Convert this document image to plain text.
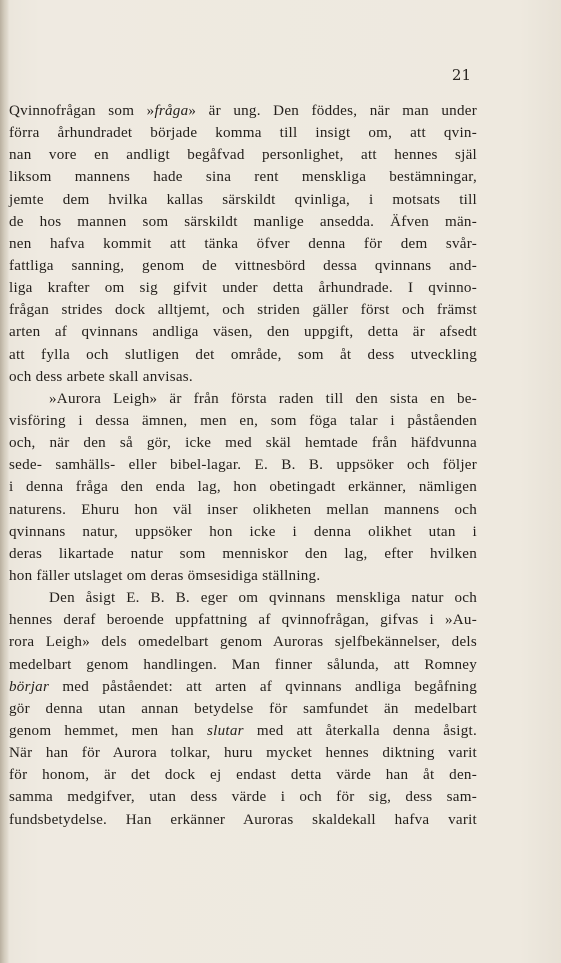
21
Qvinnofrågan som »fråga» är ung. Den föddes, när man under
förra århundradet började komma till insigt om, att qvin-
nan vore en andligt begåfvad personlighet, att hennes själ
liksom mannens hade sina rent menskliga bestämningar,
jemte dem hvilka kallas särskildt qvinliga, i motsats till
de hos mannen som särskildt manlige ansedda. Äfven män-
nen hafva kommit att tänka öfver denna för dem svår-
fattliga sanning, genom de vittnesbörd dessa qvinnans and-
liga krafter om sig gifvit under detta århundrade. I qvinno-
frågan strides dock alltjemt, och striden gäller först och främst
arten af qvinnans andliga väsen, den uppgift, detta är afsedt
att fylla och slutligen det område, som åt dess utveckling
och dess arbete skall anvisas.
»Aurora Leigh» är från första raden till den sista en be-
visföring i dessa ämnen, men en, som föga talar i påståenden
och, när den så gör, icke med skäl hemtade från häfdvunna
sede- samhälls- eller bibel-lagar. E. B. B. uppsöker och följer
i denna fråga den enda lag, hon obetingadt erkänner, nämligen
naturens. Ehuru hon väl inser olikheten mellan mannens och
qvinnans natur, uppsöker hon icke i denna olikhet utan i
deras likartade natur som menniskor den lag, efter hvilken
hon fäller utslaget om deras ömsesidiga ställning.
Den åsigt E. B. B. eger om qvinnans menskliga natur och
hennes deraf beroende uppfattning af qvinnofrågan, gifvas i »Au-
rora Leigh» dels omedelbart genom Auroras sjelfbekännelser, dels
medelbart genom handlingen. Man finner sålunda, att Romney
börjar med påståendet: att arten af qvinnans andliga begåfning
gör denna utan annan betydelse för samfundet än medelbart
genom hemmet, men han slutar med att återkalla denna åsigt.
När han för Aurora tolkar, huru mycket hennes diktning varit
för honom, är det dock ej endast detta värde han åt den-
samma medgifver, utan dess värde i och för sig, dess sam-
fundsbetydelse. Han erkänner Auroras skaldekall hafva varit
